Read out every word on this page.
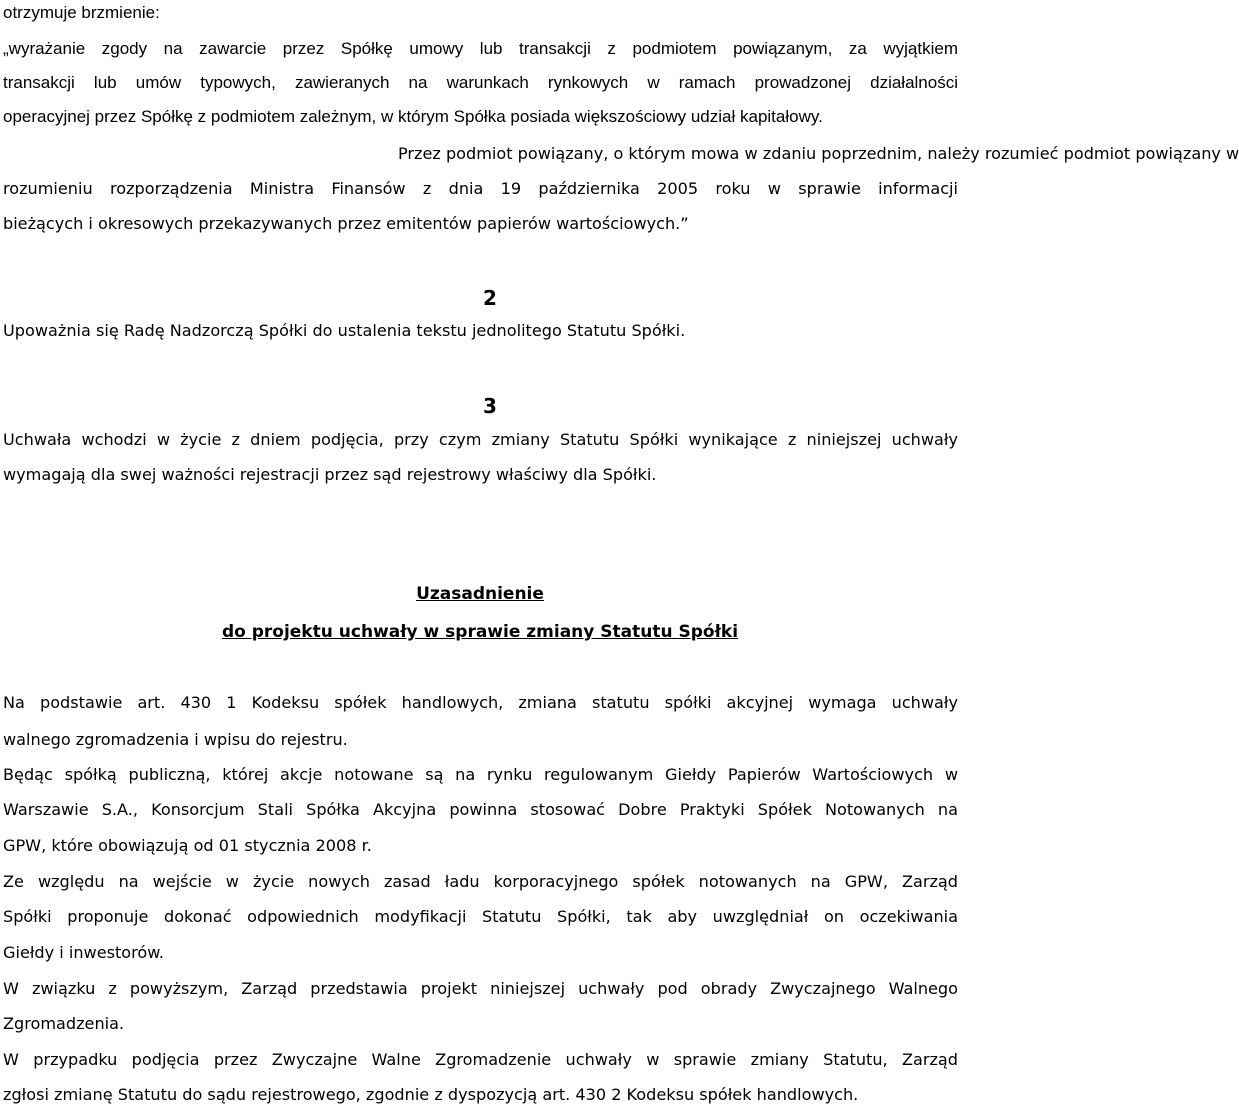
otrzymuje brzmienie:

„wyrażanie zgody na zawarcie przez Spółkę umowy lub transakcji z podmiotem powiązanym, za wyjątkiem

transakcji lub umów typowych, zawieranych na warunkach rynkowych w ramach prowadzonej działalności

operacyjnej przez Spółkę z podmiotem zależnym, w którym Spółka posiada większościowy udział kapitałowy.

Przez podmiot powiązany, o którym mowa w zdaniu poprzednim, należy rozumieć podmiot powiązany w

rozumieniu rozporządzenia Ministra Finansów z dnia 19 października 2005 roku w sprawie informacji

bieżących i okresowych przekazywanych przez emitentów papierów wartościowych.”

2

Upoważnia się Radę Nadzorczą Spółki do ustalenia tekstu jednolitego Statutu Spółki.

3

Uchwała wchodzi w życie z dniem podjęcia, przy czym zmiany Statutu Spółki wynikające z niniejszej uchwały

wymagają dla swej ważności rejestracji przez sąd rejestrowy właściwy dla Spółki.

Uzasadnienie

do projektu uchwały w sprawie zmiany Statutu Spółki

Na podstawie art. 430 1 Kodeksu spółek handlowych, zmiana statutu spółki akcyjnej wymaga uchwały

walnego zgromadzenia i wpisu do rejestru.

Będąc spółką publiczną, której akcje notowane są na rynku regulowanym Giełdy Papierów Wartościowych w

Warszawie S.A., Konsorcjum Stali Spółka Akcyjna powinna stosować Dobre Praktyki Spółek Notowanych na

GPW, które obowiązują od 01 stycznia 2008 r.

Ze względu na wejście w życie nowych zasad ładu korporacyjnego spółek notowanych na GPW, Zarząd

Spółki proponuje dokonać odpowiednich modyfikacji Statutu Spółki, tak aby uwzględniał on oczekiwania

Giełdy i inwestorów.

W związku z powyższym, Zarząd przedstawia projekt niniejszej uchwały pod obrady Zwyczajnego Walnego

Zgromadzenia.

W przypadku podjęcia przez Zwyczajne Walne Zgromadzenie uchwały w sprawie zmiany Statutu, Zarząd

zgłosi zmianę Statutu do sądu rejestrowego, zgodnie z dyspozycją art. 430 2 Kodeksu spółek handlowych.
